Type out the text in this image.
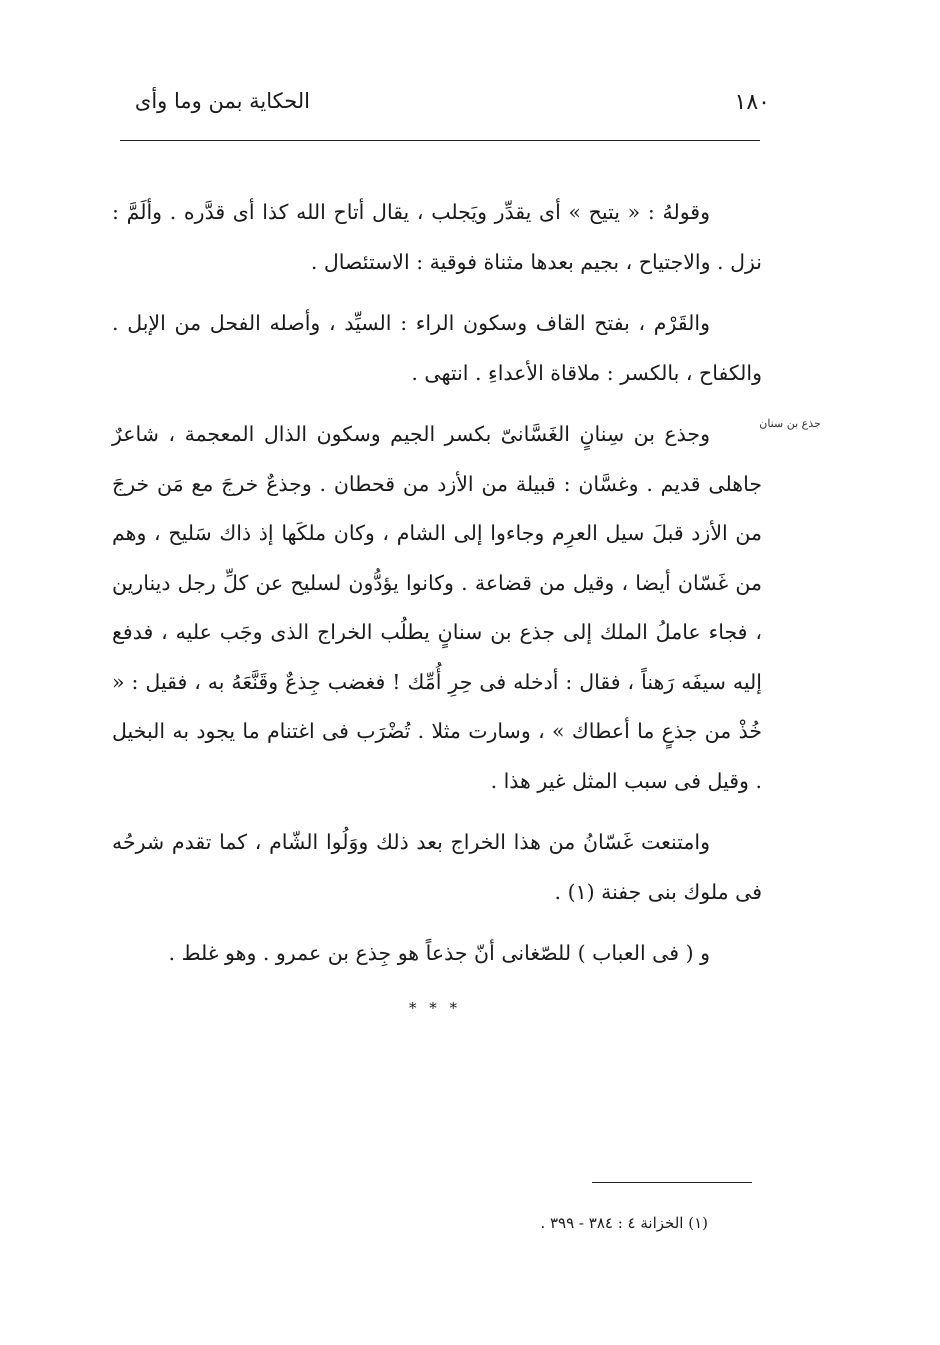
١٨٠
الحكاية بمن وما وأى
جذع بن سنان

وقولهُ : « يتيح » أى يقدِّر ويَجلب ، يقال أتاح الله كذا أى قدَّره . وألَمَّ : نزل . والاجتياح ، بجيم بعدها مثناة فوقية : الاستئصال .

والقَرْم ، بفتح القاف وسكون الراء : السيِّد ، وأصله الفحل من الإبل . والكفاح ، بالكسر : ملاقاة الأعداءِ . انتهى .

وجذع بن سِنانٍ الغَسَّانىّ بكسر الجيم وسكون الذال المعجمة ، شاعرٌ جاهلى قديم . وغسَّان : قبيلة من الأزد من قحطان . وجذعٌ خرجَ مع مَن خرجَ من الأزد قبلَ سيل العرِم وجاءوا إلى الشام ، وكان ملكَها إذ ذاك سَليح ، وهم من غَسّان أيضا ، وقيل من قضاعة . وكانوا يؤدُّون لسليح عن كلِّ رجل دينارين ، فجاء عاملُ الملك إلى جذع بن سنانٍ يطلُب الخراج الذى وجَب عليه ، فدفع إليه سيفَه رَهناً ، فقال : أدخله فى حِرِ أُمِّك ! فغضب جِذعٌ وقَنَّعَهُ به ، فقيل : « خُذْ من جذعٍ ما أعطاك » ، وسارت مثلا . تُضْرَب فى اغتنام ما يجود به البخيل . وقيل فى سبب المثل غير هذا .

وامتنعت غَسّانُ من هذا الخراج بعد ذلك ووَلُوا الشّام ، كما تقدم شرحُه فى ملوك بنى جفنة (١) .

و ( فى العباب ) للصّغانى أنّ جذعاً هو جِذع بن عمرو . وهو غلط .

* * *
(١) الخزانة ٤ : ٣٨٤ - ٣٩٩ .
